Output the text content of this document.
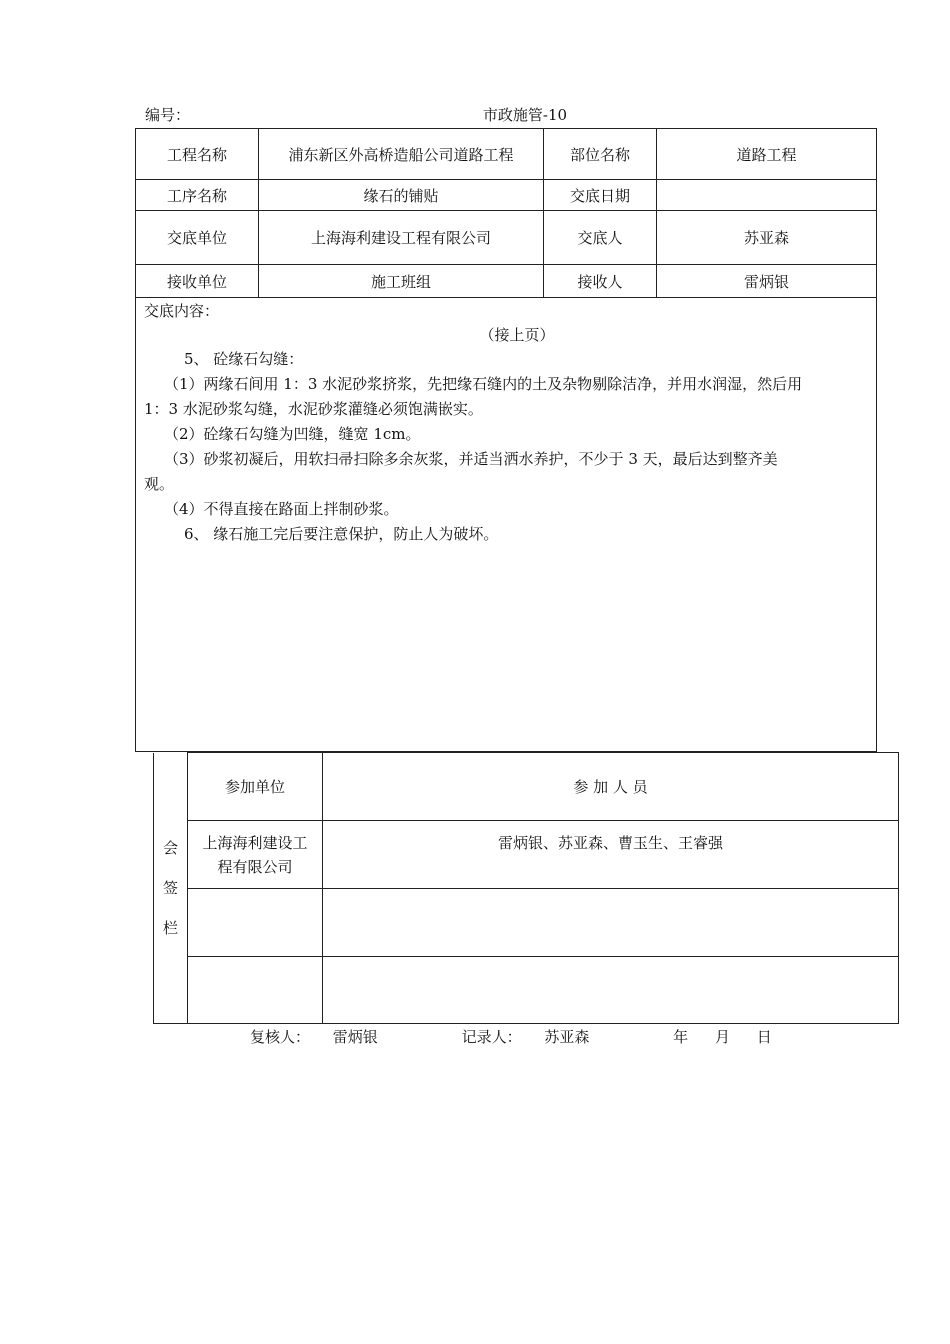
编号：	市政施管-10
工程名称	浦东新区外高桥造船公司道路工程	部位名称	道路工程
工序名称	缘石的铺贴	交底日期	
交底单位	上海海利建设工程有限公司	交底人	苏亚森
接收单位	施工班组	接收人	雷炳银
交底内容：
（接上页）
5、 砼缘石勾缝：
（1）两缘石间用 1：3 水泥砂浆挤浆，先把缘石缝内的土及杂物剔除洁净，并用水润湿，然后用
1：3 水泥砂浆勾缝，水泥砂浆灌缝必须饱满嵌实。
（2）砼缘石勾缝为凹缝，缝宽 1cm。
（3）砂浆初凝后，用软扫帚扫除多余灰浆，并适当洒水养护，不少于 3 天，最后达到整齐美
观。
（4）不得直接在路面上拌制砂浆。
6、 缘石施工完后要注意保护，防止人为破坏。
会
签
栏	参加单位	参 加 人 员

	上海海利建设工
程有限公司	雷炳银、苏亚森、曹玉生、王睿强

复核人： 雷炳银	记录人： 苏亚森	年 月 日
